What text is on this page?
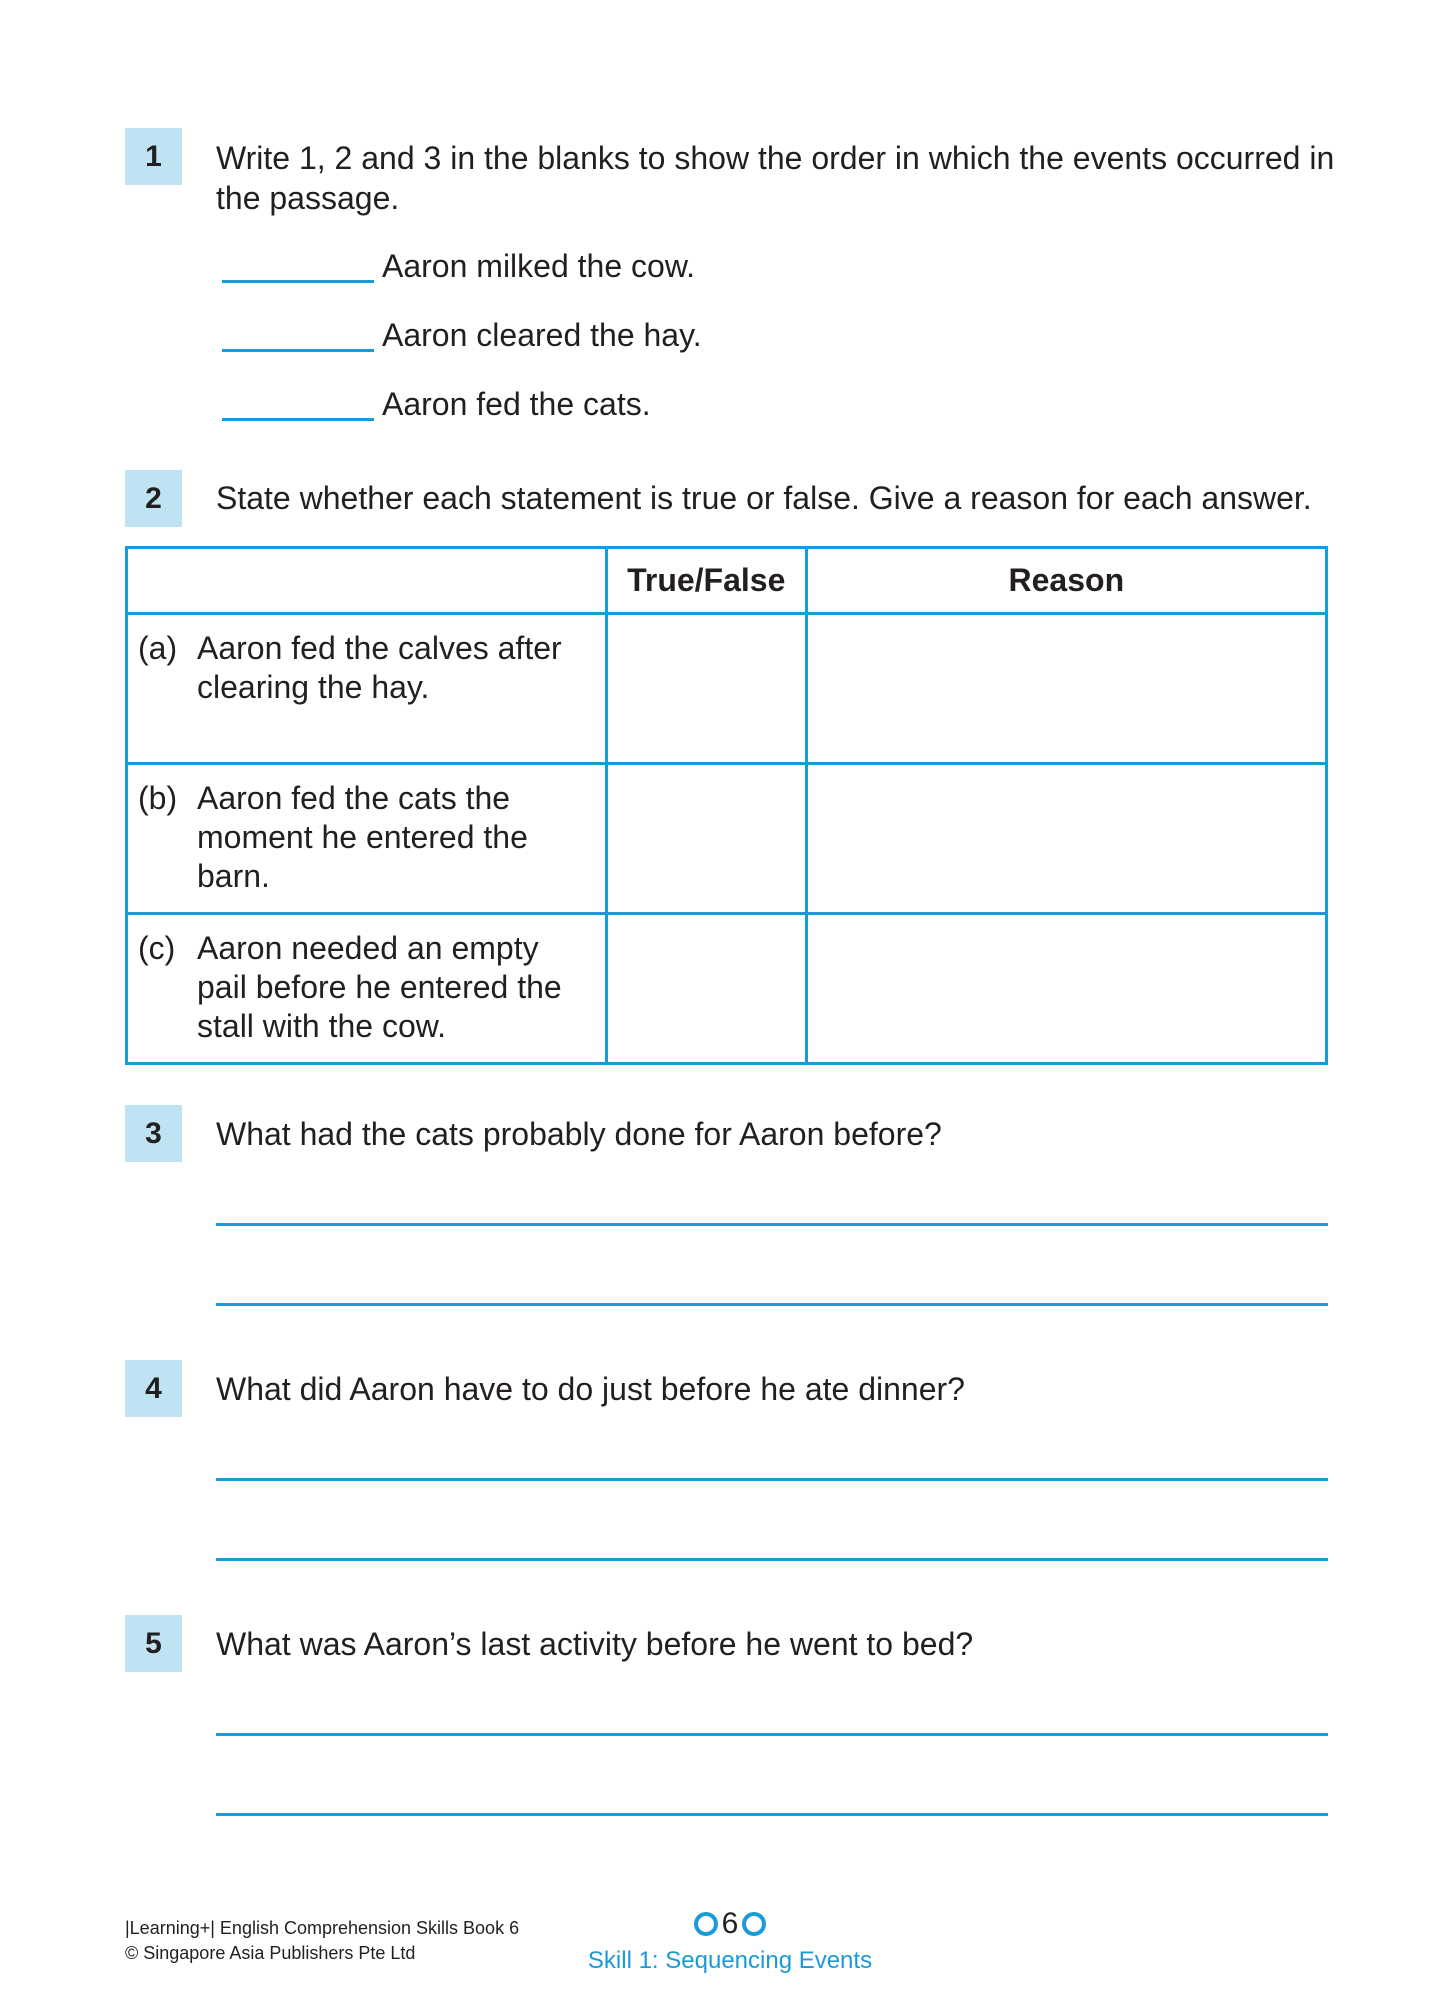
1	Write 1, 2 and 3 in the blanks to show the order in which the events occurred in the passage.
Aaron milked the cow.
Aaron cleared the hay.
Aaron fed the cats.
2	State whether each statement is true or false. Give a reason for each answer.
	True/False	Reason

(a) Aaron fed the calves after clearing the hay.		

(b) Aaron fed the cats the moment he entered the barn.		

(c) Aaron needed an empty pail before he entered the stall with the cow.		

3	What had the cats probably done for Aaron before?
4	What did Aaron have to do just before he ate dinner?
5	What was Aaron’s last activity before he went to bed?
|Learning+| English Comprehension Skills Book 6
© Singapore Asia Publishers Pte Ltd
6
Skill 1: Sequencing Events
